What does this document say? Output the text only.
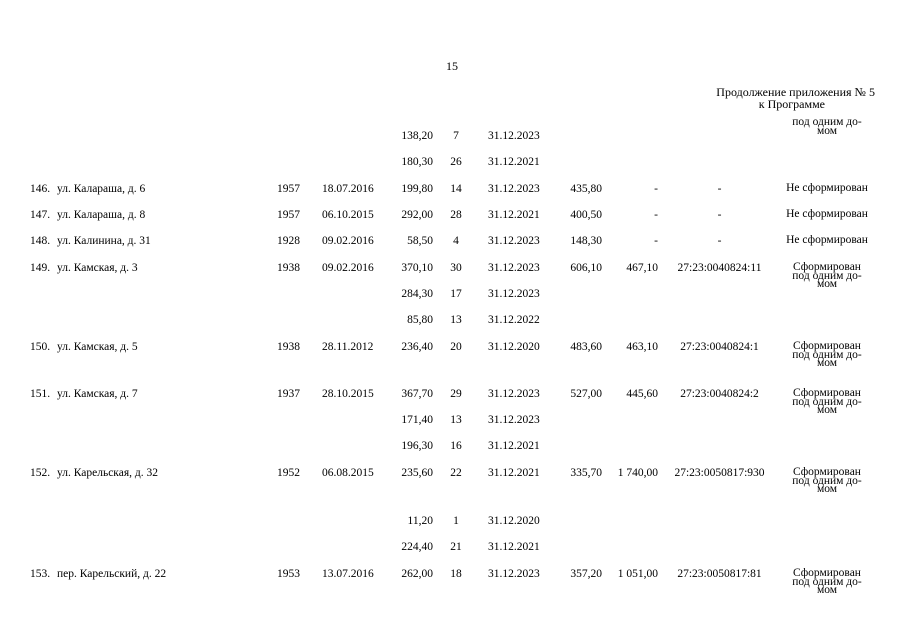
15
Продолжение приложения № 5
к Программе
под одним до-
мом
138,20	7	31.12.2023
180,30	26	31.12.2021
146. ул. Калараша, д. 6	1957 18.07.2016	199,80	14	31.12.2023	435,80	-	-	Не сформирован
147. ул. Калараша, д. 8	1957 06.10.2015	292,00	28	31.12.2021	400,50	-	-	Не сформирован
148. ул. Калинина, д. 31	1928 09.02.2016	58,50	4	31.12.2023	148,30	-	-	Не сформирован
149. ул. Камская, д. 3	1938 09.02.2016	370,10	30	31.12.2023	606,10	467,10	27:23:0040824:11	Сформирован
под одним до-
мом
284,30	17	31.12.2023
85,80	13	31.12.2022
150. ул. Камская, д. 5	1938 28.11.2012	236,40	20	31.12.2020	483,60	463,10	27:23:0040824:1	Сформирован
под одним до-
мом
151. ул. Камская, д. 7	1937 28.10.2015	367,70	29	31.12.2023	527,00	445,60	27:23:0040824:2	Сформирован
под одним до-
мом
171,40	13	31.12.2023
196,30	16	31.12.2021
152. ул. Карельская, д. 32	1952 06.08.2015	235,60	22	31.12.2021	335,70	1 740,00	27:23:0050817:930	Сформирован
под одним до-
мом
11,20	1	31.12.2020
224,40	21	31.12.2021
153. пер. Карельский, д. 22	1953 13.07.2016	262,00	18	31.12.2023	357,20	1 051,00	27:23:0050817:81	Сформирован
под одним до-
мом
